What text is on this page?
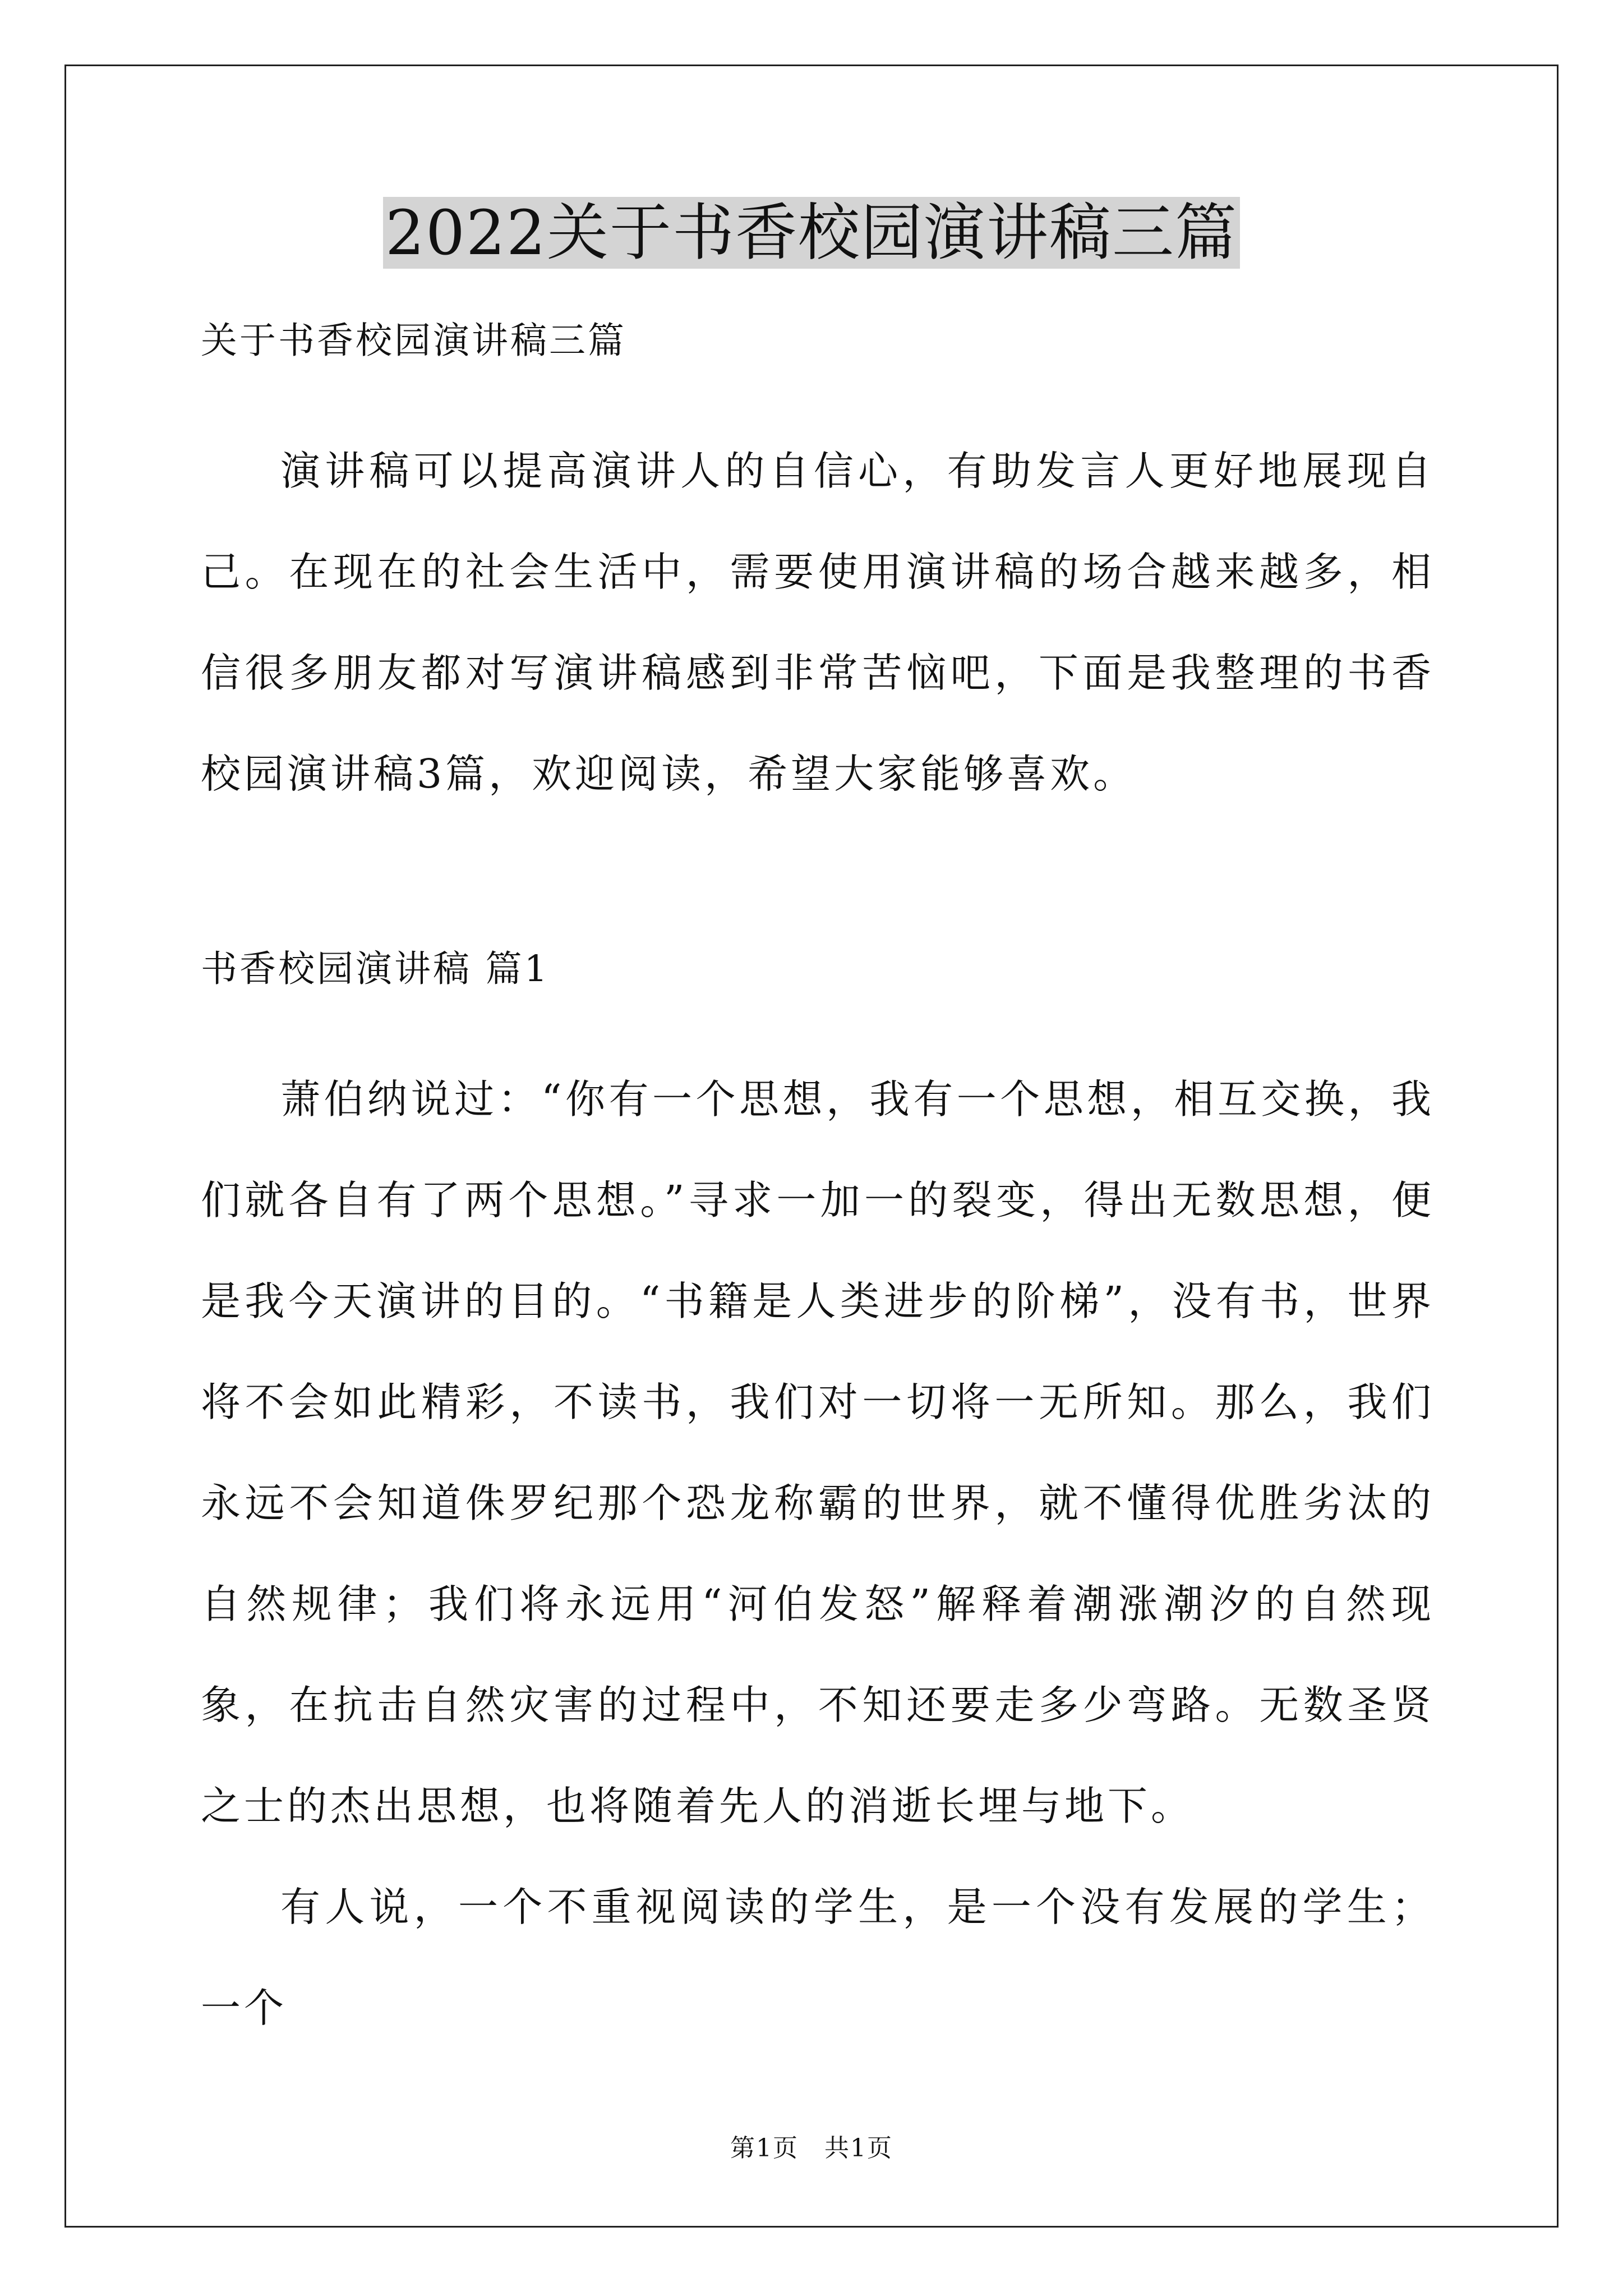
2022关于书香校园演讲稿三篇

关于书香校园演讲稿三篇

演讲稿可以提高演讲人的自信心，有助发言人更好地展现自己。在现在的社会生活中，需要使用演讲稿的场合越来越多，相信很多朋友都对写演讲稿感到非常苦恼吧，下面是我整理的书香校园演讲稿3篇，欢迎阅读，希望大家能够喜欢。

书香校园演讲稿 篇1

萧伯纳说过：“你有一个思想，我有一个思想，相互交换，我们就各自有了两个思想。”寻求一加一的裂变，得出无数思想，便是我今天演讲的目的。“书籍是人类进步的阶梯”，没有书，世界将不会如此精彩，不读书，我们对一切将一无所知。那么，我们永远不会知道侏罗纪那个恐龙称霸的世界，就不懂得优胜劣汰的自然规律；我们将永远用“河伯发怒”解释着潮涨潮汐的自然现象，在抗击自然灾害的过程中，不知还要走多少弯路。无数圣贤之士的杰出思想，也将随着先人的消逝长埋与地下。

有人说，一个不重视阅读的学生，是一个没有发展的学生；一个

第1页　共1页
